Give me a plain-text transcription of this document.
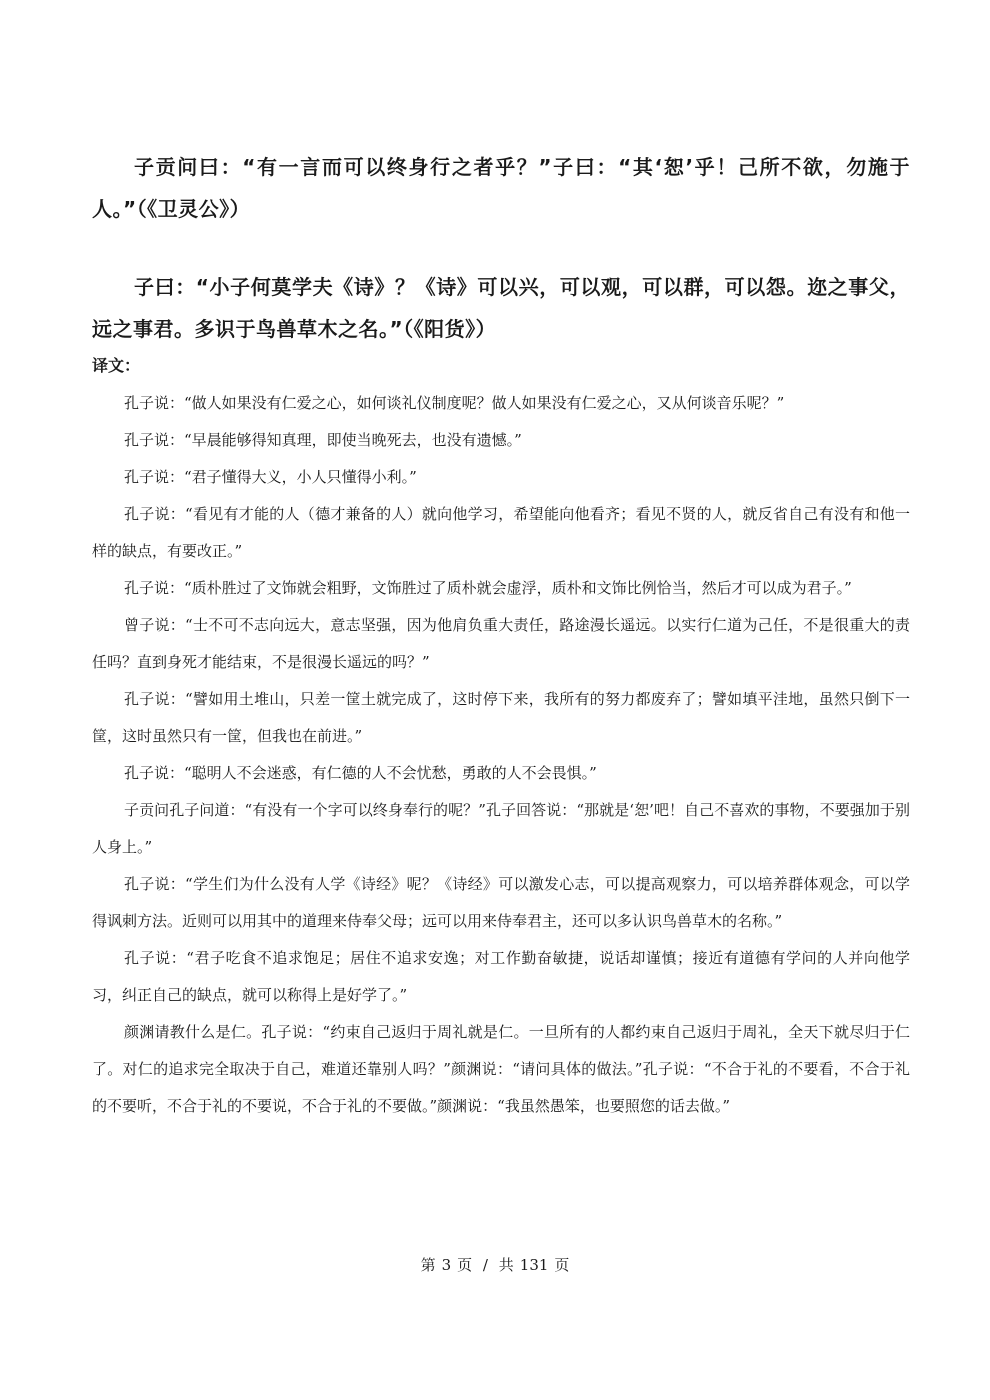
子贡问曰：“有一言而可以终身行之者乎？”子曰：“其‘恕’乎！己所不欲，勿施于人。”（《卫灵公》）

子曰：“小子何莫学夫《诗》？《诗》可以兴，可以观，可以群，可以怨。迩之事父，远之事君。多识于鸟兽草木之名。”（《阳货》）

译文：

孔子说：“做人如果没有仁爱之心，如何谈礼仪制度呢？做人如果没有仁爱之心，又从何谈音乐呢？”

孔子说：“早晨能够得知真理，即使当晚死去，也没有遗憾。”

孔子说：“君子懂得大义，小人只懂得小利。”

孔子说：“看见有才能的人（德才兼备的人）就向他学习，希望能向他看齐；看见不贤的人，就反省自己有没有和他一样的缺点，有要改正。”

孔子说：“质朴胜过了文饰就会粗野，文饰胜过了质朴就会虚浮，质朴和文饰比例恰当，然后才可以成为君子。”

曾子说：“士不可不志向远大，意志坚强，因为他肩负重大责任，路途漫长遥远。以实行仁道为己任，不是很重大的责任吗？直到身死才能结束，不是很漫长遥远的吗？”

孔子说：“譬如用土堆山，只差一筐土就完成了，这时停下来，我所有的努力都废弃了；譬如填平洼地，虽然只倒下一筐，这时虽然只有一筐，但我也在前进。”

孔子说：“聪明人不会迷惑，有仁德的人不会忧愁，勇敢的人不会畏惧。”

子贡问孔子问道：“有没有一个字可以终身奉行的呢？”孔子回答说：“那就是‘恕’吧！自己不喜欢的事物，不要强加于别人身上。”

孔子说：“学生们为什么没有人学《诗经》呢？《诗经》可以激发心志，可以提高观察力，可以培养群体观念，可以学得讽刺方法。近则可以用其中的道理来侍奉父母；远可以用来侍奉君主，还可以多认识鸟兽草木的名称。”

孔子说：“君子吃食不追求饱足；居住不追求安逸；对工作勤奋敏捷，说话却谨慎；接近有道德有学问的人并向他学习，纠正自己的缺点，就可以称得上是好学了。”

颜渊请教什么是仁。孔子说：“约束自己返归于周礼就是仁。一旦所有的人都约束自己返归于周礼，全天下就尽归于仁了。对仁的追求完全取决于自己，难道还靠别人吗？”颜渊说：“请问具体的做法。”孔子说：“不合于礼的不要看，不合于礼的不要听，不合于礼的不要说，不合于礼的不要做。”颜渊说：“我虽然愚笨，也要照您的话去做。”

第 3 页 / 共 131 页
